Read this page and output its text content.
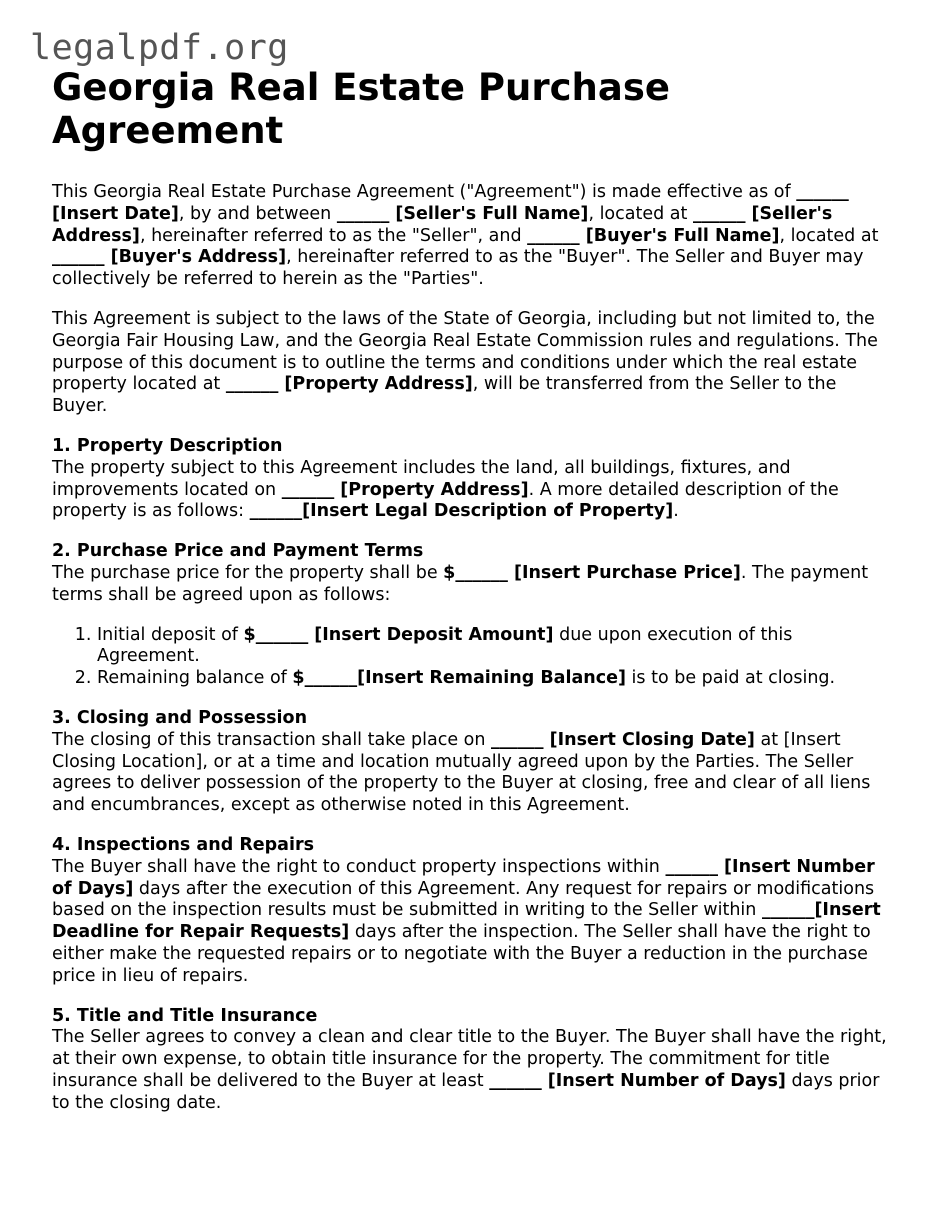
legalpdf.org
Georgia Real Estate Purchase Agreement

This Georgia Real Estate Purchase Agreement ("Agreement") is made effective as of ______ [Insert Date], by and between ______ [Seller's Full Name], located at ______ [Seller's Address], hereinafter referred to as the "Seller", and ______ [Buyer's Full Name], located at ______ [Buyer's Address], hereinafter referred to as the "Buyer". The Seller and Buyer may collectively be referred to herein as the "Parties".

This Agreement is subject to the laws of the State of Georgia, including but not limited to, the Georgia Fair Housing Law, and the Georgia Real Estate Commission rules and regulations. The purpose of this document is to outline the terms and conditions under which the real estate property located at ______ [Property Address], will be transferred from the Seller to the Buyer.

1. Property Description
The property subject to this Agreement includes the land, all buildings, fixtures, and improvements located on ______ [Property Address]. A more detailed description of the property is as follows: ______[Insert Legal Description of Property].

2. Purchase Price and Payment Terms
The purchase price for the property shall be $______ [Insert Purchase Price]. The payment terms shall be agreed upon as follows:

1. Initial deposit of $______ [Insert Deposit Amount] due upon execution of this Agreement.
2. Remaining balance of $______[Insert Remaining Balance] is to be paid at closing.

3. Closing and Possession
The closing of this transaction shall take place on ______ [Insert Closing Date] at [Insert Closing Location], or at a time and location mutually agreed upon by the Parties. The Seller agrees to deliver possession of the property to the Buyer at closing, free and clear of all liens and encumbrances, except as otherwise noted in this Agreement.

4. Inspections and Repairs
The Buyer shall have the right to conduct property inspections within ______ [Insert Number of Days] days after the execution of this Agreement. Any request for repairs or modifications based on the inspection results must be submitted in writing to the Seller within ______[Insert Deadline for Repair Requests] days after the inspection. The Seller shall have the right to either make the requested repairs or to negotiate with the Buyer a reduction in the purchase price in lieu of repairs.

5. Title and Title Insurance
The Seller agrees to convey a clean and clear title to the Buyer. The Buyer shall have the right, at their own expense, to obtain title insurance for the property. The commitment for title insurance shall be delivered to the Buyer at least ______ [Insert Number of Days] days prior to the closing date.
